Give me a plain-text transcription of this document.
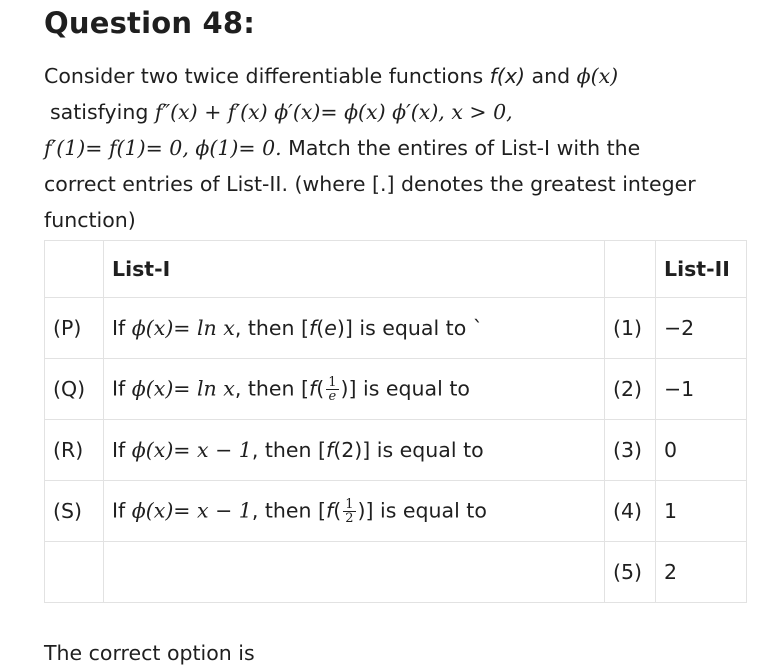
Question 48:
Consider two twice differentiable functions f(x) and ϕ(x)
satisfying f″(x) + f′(x) ϕ′(x)= ϕ(x) ϕ′(x), x > 0,
f′(1)= f(1)= 0, ϕ(1)= 0. Match the entires of List-I with the
correct entries of List-II. (where [.] denotes the greatest integer
function)
	List-I		List-II
(P)	If ϕ(x)= ln x, then [f(e)] is equal to `	(1)	−2
(Q)	If ϕ(x)= ln x, then [$f( \frac{1}{e}$ )] is equal to	(2)	−1
(R)	If ϕ(x)= x − 1, then [f(2)] is equal to	(3)	0
(S)	If ϕ(x)= x − 1, then [$f( \frac{1}{2}$ )] is equal to	(4)	1
		(5)	2
The correct option is
